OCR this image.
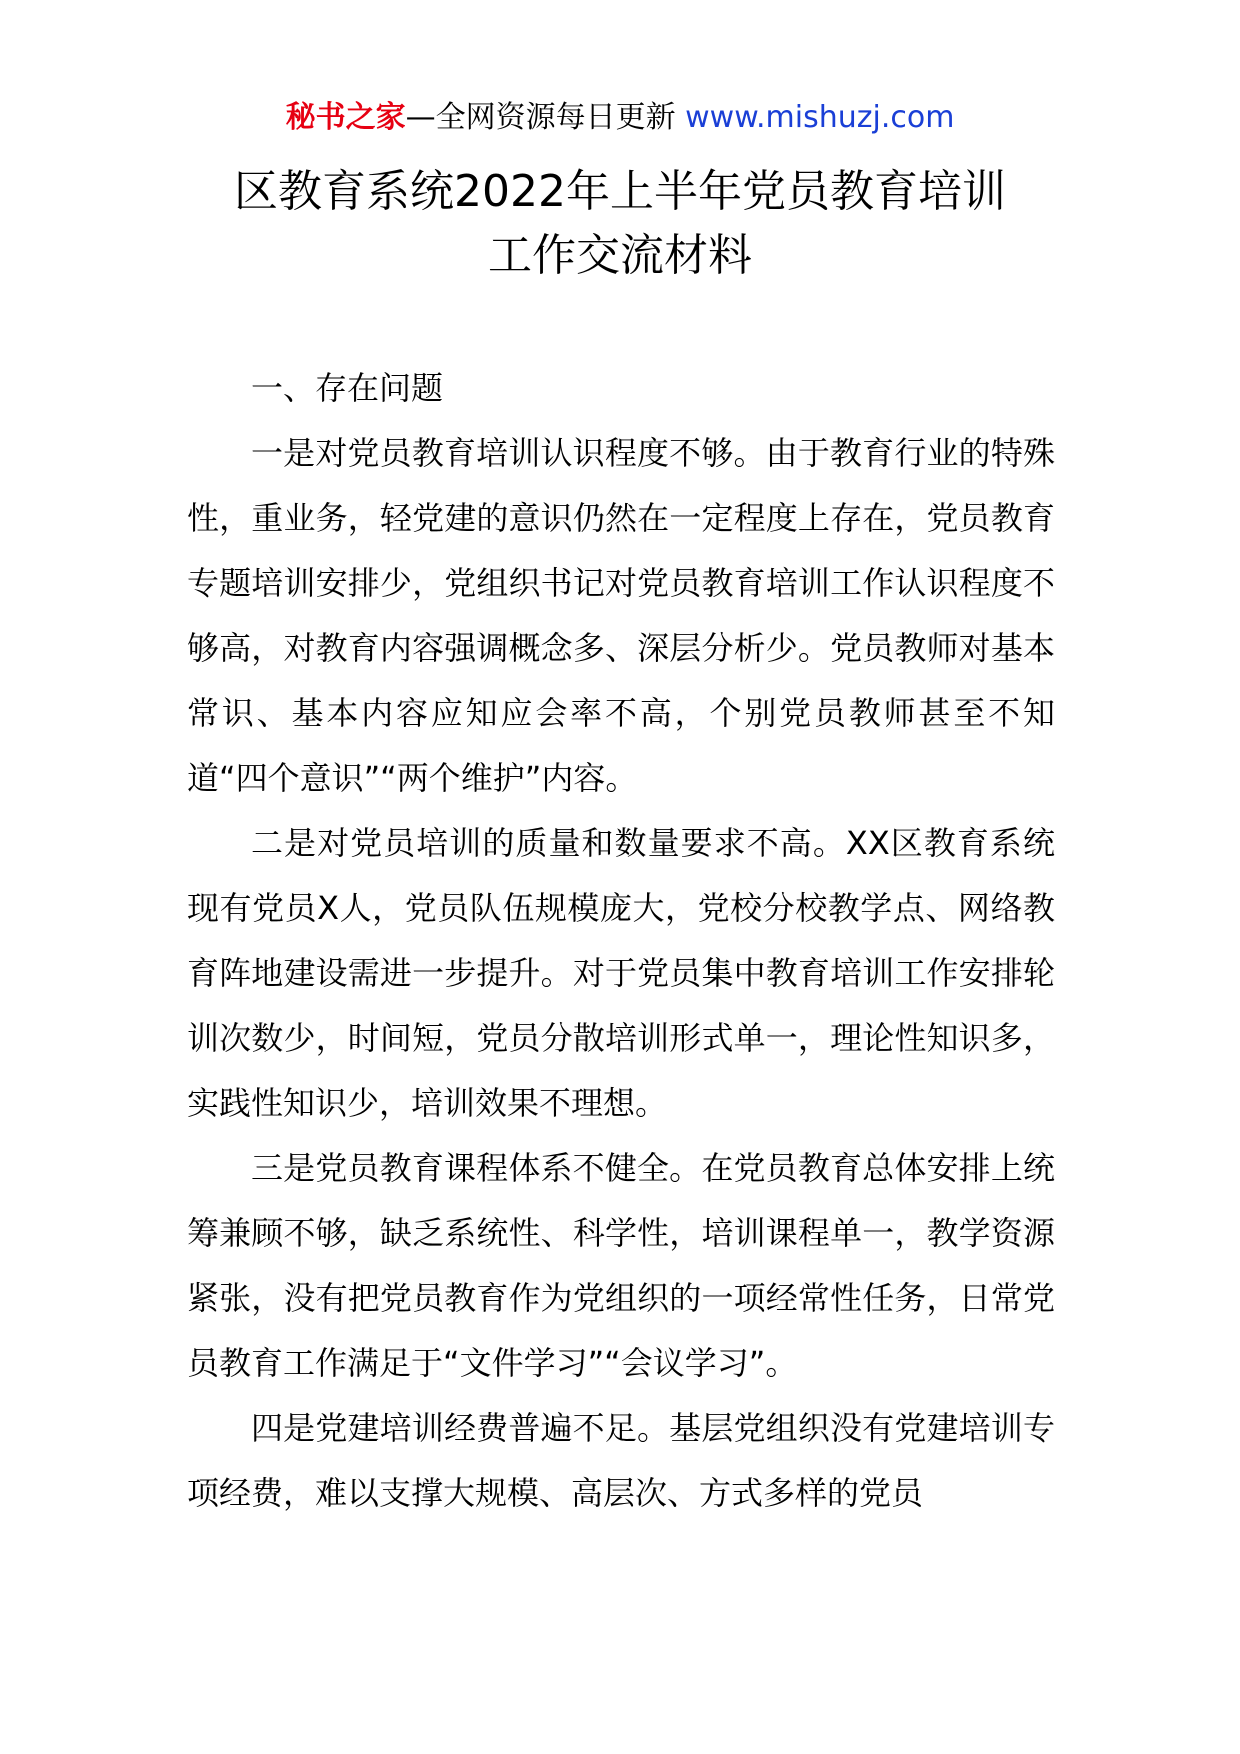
秘书之家—全网资源每日更新 www.mishuzj.com
区教育系统2022年上半年党员教育培训
工作交流材料

一、存在问题

一是对党员教育培训认识程度不够。由于教育行业的特殊性，重业务，轻党建的意识仍然在一定程度上存在，党员教育专题培训安排少，党组织书记对党员教育培训工作认识程度不够高，对教育内容强调概念多、深层分析少。党员教师对基本常识、基本内容应知应会率不高，个别党员教师甚至不知道“四个意识”“两个维护”内容。

二是对党员培训的质量和数量要求不高。XX区教育系统现有党员X人，党员队伍规模庞大，党校分校教学点、网络教育阵地建设需进一步提升。对于党员集中教育培训工作安排轮训次数少，时间短，党员分散培训形式单一，理论性知识多，实践性知识少，培训效果不理想。

三是党员教育课程体系不健全。在党员教育总体安排上统筹兼顾不够，缺乏系统性、科学性，培训课程单一，教学资源紧张，没有把党员教育作为党组织的一项经常性任务，日常党员教育工作满足于“文件学习”“会议学习”。

四是党建培训经费普遍不足。基层党组织没有党建培训专项经费，难以支撑大规模、高层次、方式多样的党员
